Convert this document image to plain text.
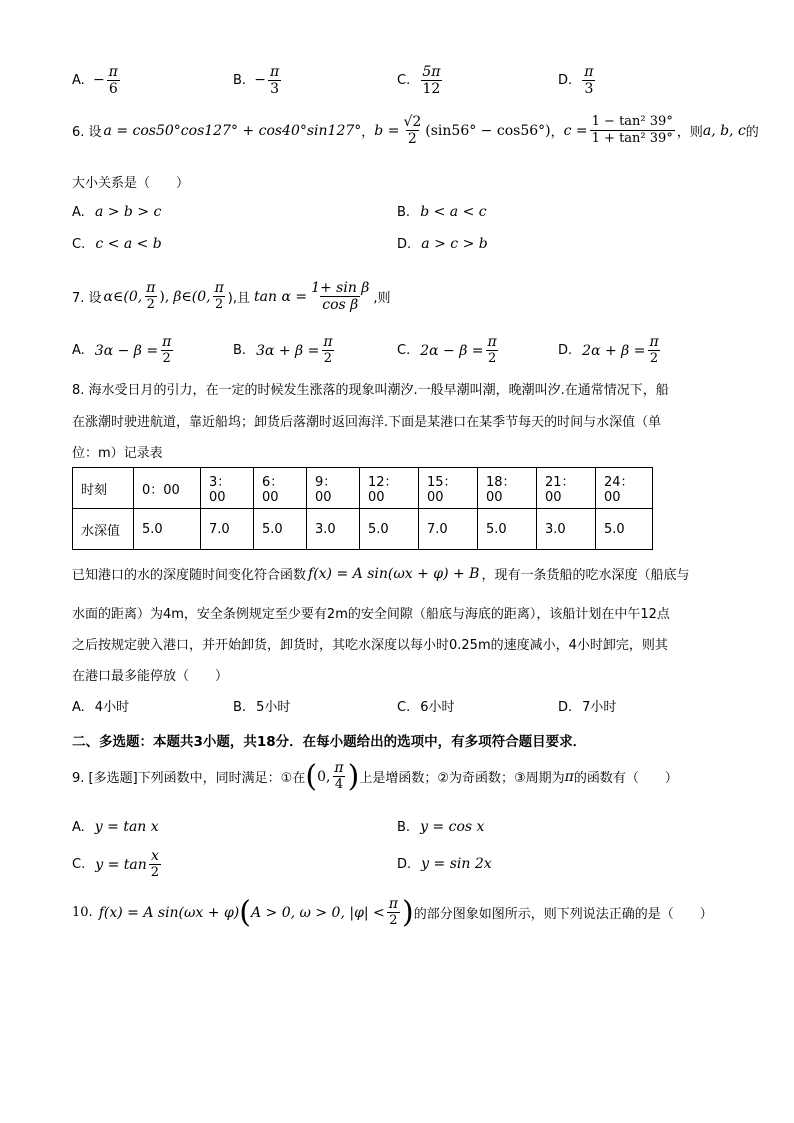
A. − $\frac{\pi}{6}$	B. − $\frac{\pi}{3}$	C. $\frac{5\pi}{12}$	D. $\frac{\pi}{3}$
6. 设 a = cos50°cos127° + cos40°sin127° ， $b = \frac{√2}{2} (\sin 56^\circ - \cos 56^\circ)$ ， $c = \frac{\text{1 − tan² 39°}}{\text{1 + tan² 39°}}$ ，则 a, b, c 的
大小关系是（　　）
A. a > b > c	B. b < a < c
C. c < a < b	D. a > c > b
7. 设 α∈(0, $\frac{\pi}{2}$ ), β∈(0, $\frac{\pi}{2}$ ),且 $\tan \alpha = \frac{\text{1+ sin β}}{\text{cos β}}$ ,则
A. $3\alpha - \beta = \frac{\pi}{2}$	B. $3\alpha + \beta = \frac{\pi}{2}$	C. $2\alpha - \beta = \frac{\pi}{2}$	D. $2\alpha + \beta = \frac{\pi}{2}$
8. 海水受日月的引力，在一定的时候发生涨落的现象叫潮汐.一般早潮叫潮，晚潮叫汐.在通常情况下，船
在涨潮时驶进航道，靠近船坞；卸货后落潮时返回海洋.下面是某港口在某季节每天的时间与水深值（单
位：m）记录表
时刻	0：00	3：00	6：00	9：00	12：00	15：00	18：00	21：00	24：00
水深值	5.0	7.0	5.0	3.0	5.0	7.0	5.0	3.0	5.0
已知港口的水的深度随时间变化符合函数 f(x) = A sin(ωx + φ) + B ，现有一条货船的吃水深度（船底与
水面的距离）为4m，安全条例规定至少要有2m的安全间隙（船底与海底的距离），该船计划在中午12点
之后按规定驶入港口，并开始卸货，卸货时，其吃水深度以每小时0.25m的速度减小，4小时卸完，则其
在港口最多能停放（　　）
A. 4小时	B. 5小时	C. 6小时	D. 7小时
二、多选题：本题共3小题，共18分．在每小题给出的选项中，有多项符合题目要求．
9. [多选题]下列函数中，同时满足：①在 ( 0, $\frac{\pi}{4}$ ) 上是增函数；②为奇函数；③周期为 π 的函数有（　　）
A. y = tan x	B. y = cos x
C. $y = \tan \frac{x}{2}$	D. y = sin 2x
10. f(x) = A sin(ωx + φ) ( A > 0, ω > 0, $|\varphi| < \frac{\pi}{2}$ ) 的部分图象如图所示，则下列说法正确的是（　　）
